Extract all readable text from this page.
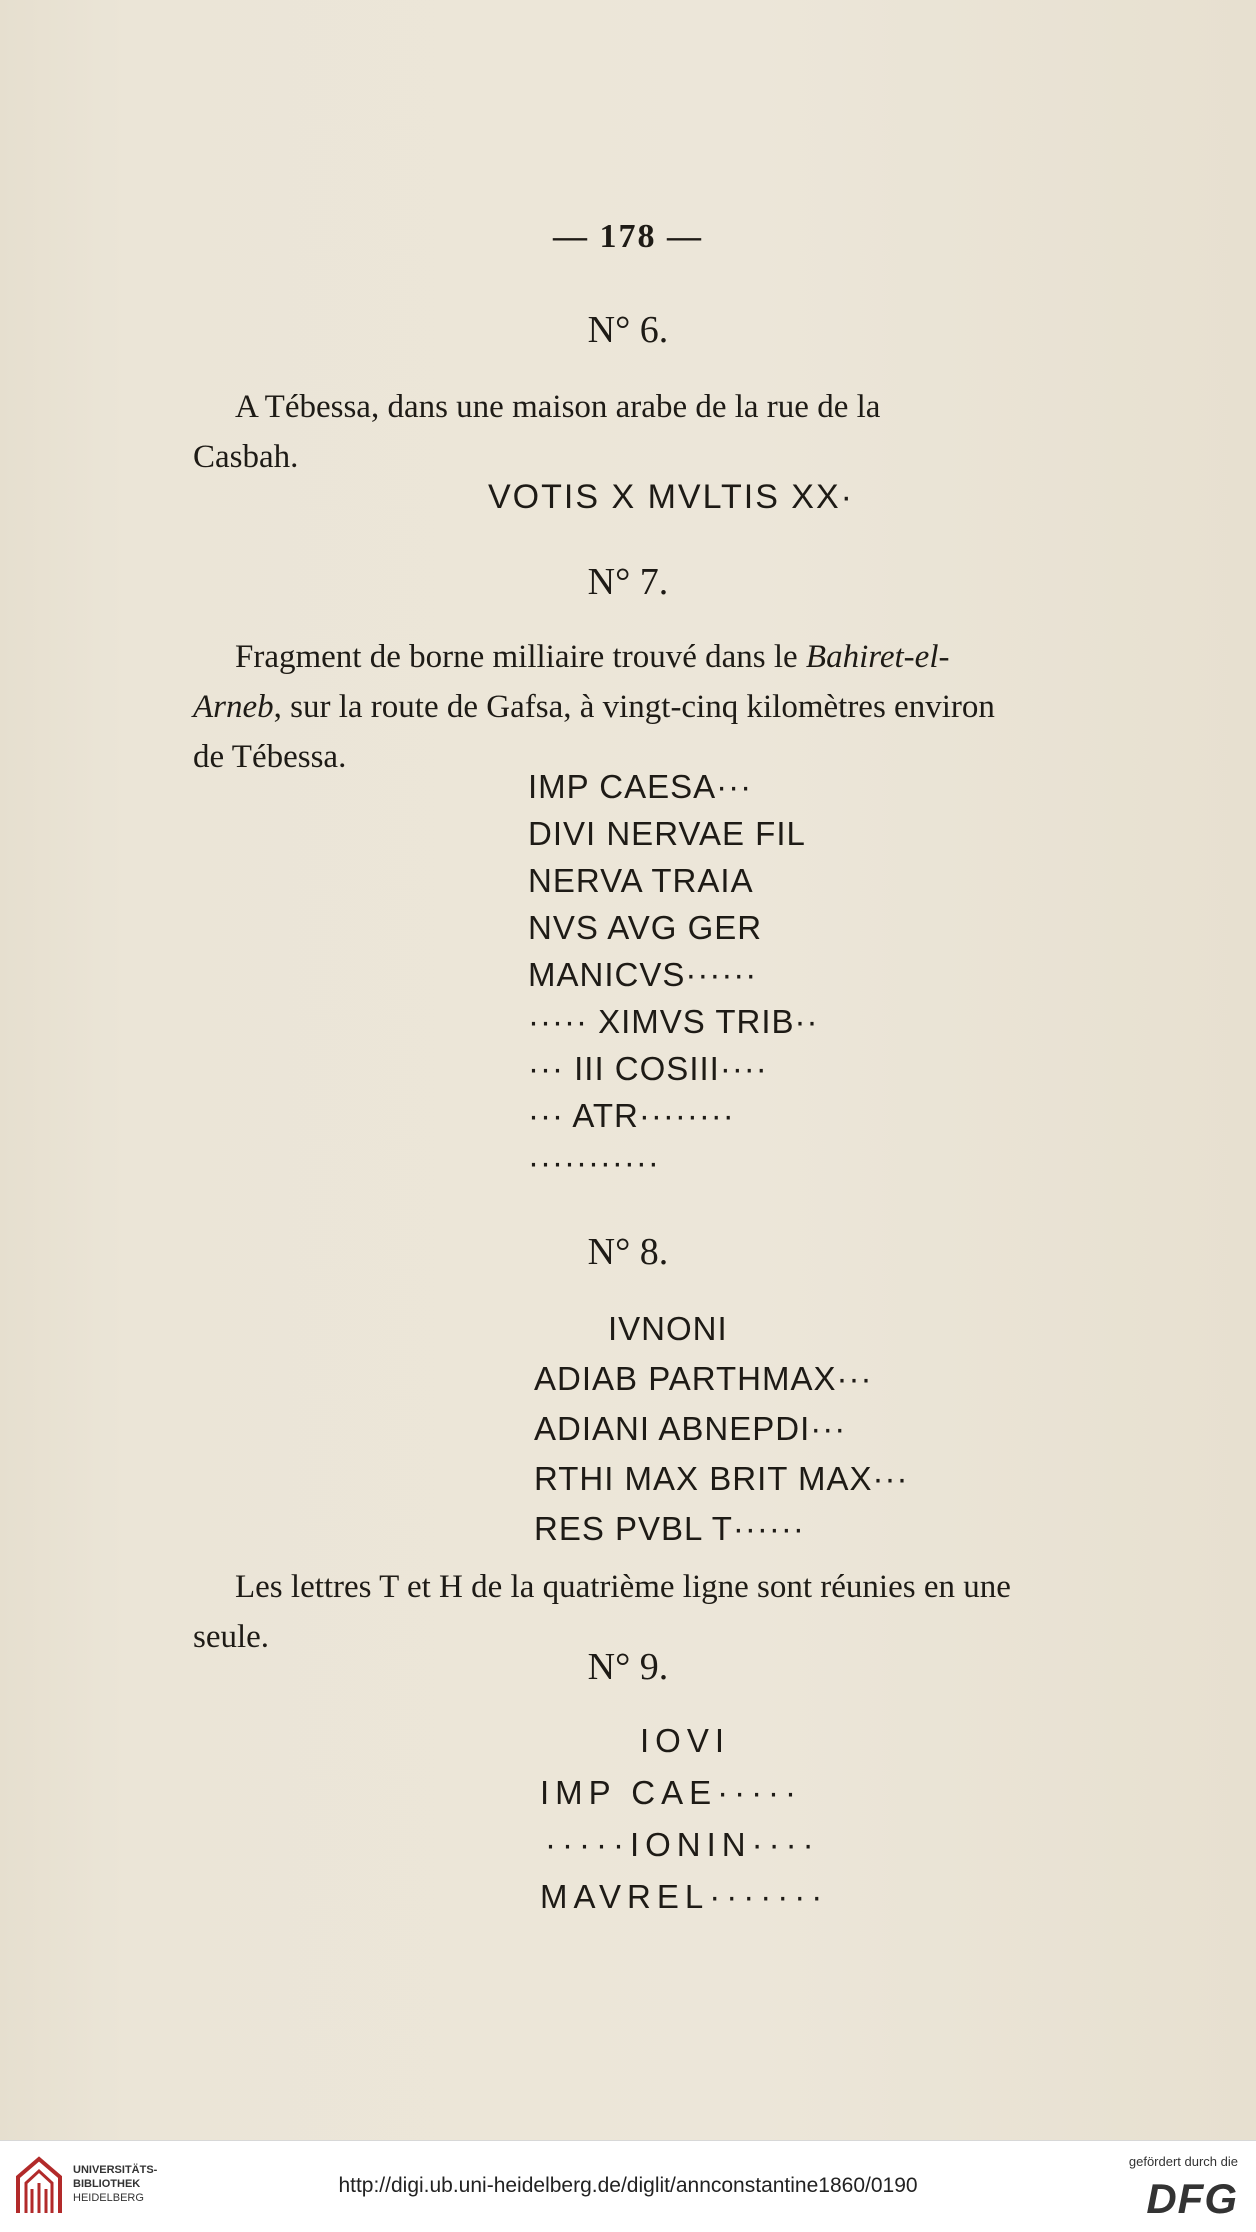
— 178 —
N° 6.
A Tébessa, dans une maison arabe de la rue de la
Casbah.
VOTIS X MVLTIS XX·
N° 7.
Fragment de borne milliaire trouvé dans le Bahiret-el-
Arneb, sur la route de Gafsa, à vingt-cinq kilomètres environ
de Tébessa.
IMP CAESA···
DIVI NERVAE FIL
NERVA TRAIA
NVS AVG GER
MANICVS······
····· XIMVS TRIB··
··· III COSIII····
··· ATR········
···········
N° 8.
IVNONI
ADIAB PARTHMAX···
ADIANI ABNEPDI···
RTHI MAX BRIT MAX···
RES PVBL T······
Les lettres T et H de la quatrième ligne sont réunies en une
seule.
N° 9.
IOVI
IMP CAE·····
·····IONIN····
MAVREL·······
UNIVERSITÄTS-
BIBLIOTHEK
HEIDELBERG
http://digi.ub.uni-heidelberg.de/diglit/annconstantine1860/0190
gefördert durch die
DFG
